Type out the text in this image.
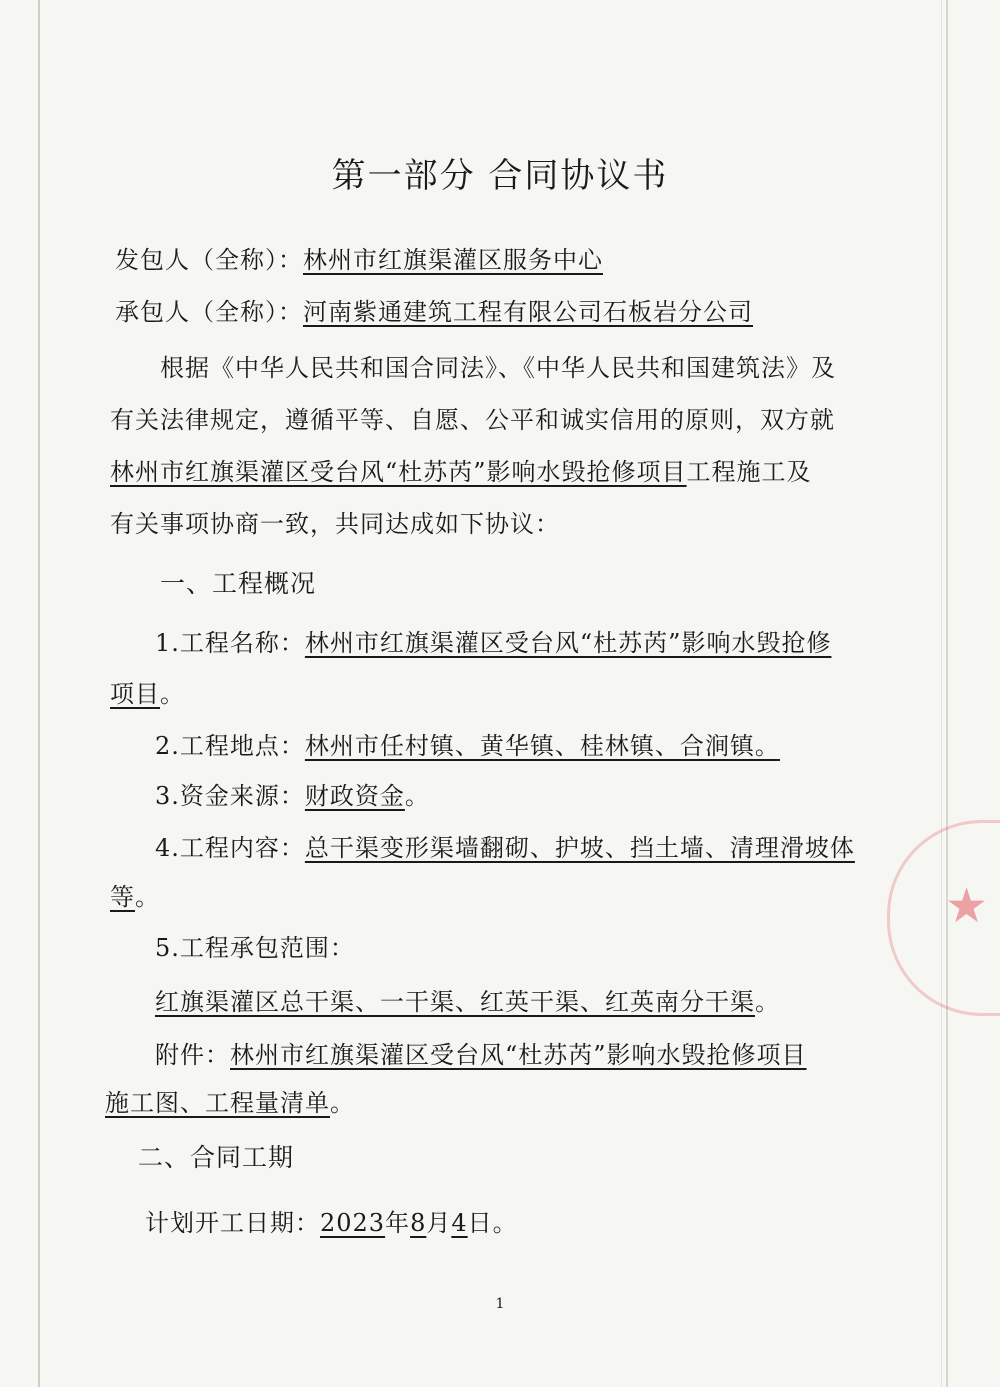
★
第一部分 合同协议书
发包人（全称）：林州市红旗渠灌区服务中心
承包人（全称）：河南紫通建筑工程有限公司石板岩分公司
根据《中华人民共和国合同法》、《中华人民共和国建筑法》及
有关法律规定，遵循平等、自愿、公平和诚实信用的原则，双方就
林州市红旗渠灌区受台风“杜苏芮”影响水毁抢修项目工程施工及
有关事项协商一致，共同达成如下协议：
一、工程概况
1.工程名称：林州市红旗渠灌区受台风“杜苏芮”影响水毁抢修
项目。
2.工程地点：林州市任村镇、黄华镇、桂林镇、合涧镇。
3.资金来源：财政资金。
4.工程内容：总干渠变形渠墙翻砌、护坡、挡土墙、清理滑坡体
等。
5.工程承包范围：
红旗渠灌区总干渠、一干渠、红英干渠、红英南分干渠。
附件：林州市红旗渠灌区受台风“杜苏芮”影响水毁抢修项目
施工图、工程量清单。
二、合同工期
计划开工日期：2023年8月4日。
1
